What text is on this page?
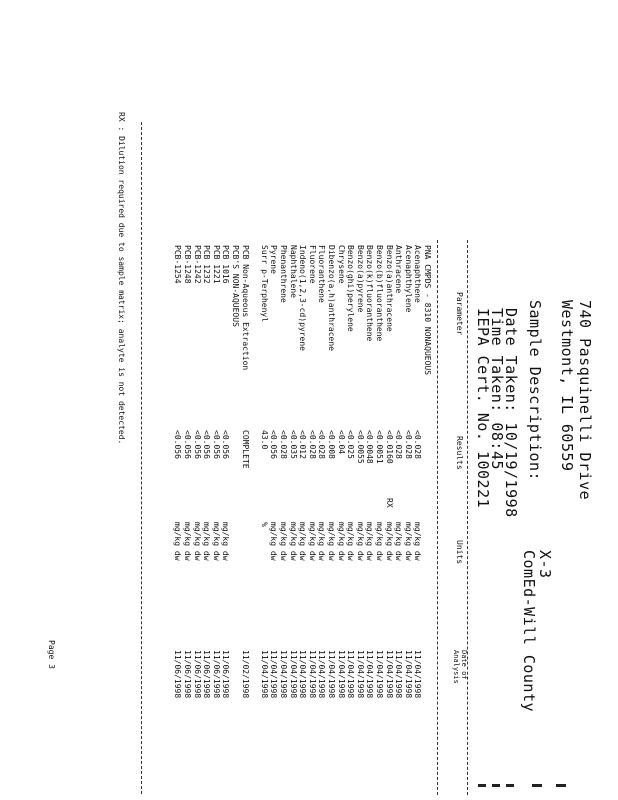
740 Pasquinelli Drive
Westmont, IL 60559
Sample Description:
X-3
ComEd-Will County
Date Taken: 10/19/1998
Time Taken: 08:45
IEPA Cert. No. 100221
Parameter
Results
Units
Date of
Analysis
PNA CMPDS - 8310 NONAQUEOUS
Acenaphthene
<0.028
mg/kg dw
11/04/1998
Acenaphthylene
<0.028
mg/kg dw
11/04/1998
Anthracene
<0.028
mg/kg dw
11/04/1998
Benzo(a)anthracene
<0.0160
RX
mg/kg dw
11/04/1998
Benzo(b)fluoranthene
<0.0051
mg/kg dw
11/04/1998
Benzo(k)fluoranthene
<0.0048
mg/kg dw
11/04/1998
Benzo(a)pyrene
<0.0055
mg/kg dw
11/04/1998
Benzo(ghi)perylene
<0.025
mg/kg dw
11/04/1998
Chrysene
<0.04
mg/kg dw
11/04/1998
Dibenzo(a,h)anthracene
<0.008
mg/kg dw
11/04/1998
Fluoranthene
<0.028
mg/kg dw
11/04/1998
Fluorene
<0.028
mg/kg dw
11/04/1998
Indeno(1,2,3-cd)pyrene
<0.012
mg/kg dw
11/04/1998
Naphthalene
<0.035
mg/kg dw
11/04/1998
Phenanthrene
<0.028
mg/kg dw
11/04/1998
Pyrene
<0.056
mg/kg dw
11/04/1998
Surr p-Terphenyl
43.0
%
11/04/1998
PCB Non-Aqueous Extraction
COMPLETE
11/02/1998
PCB'S NON-AQUEOUS
PCB 1016
<0.056
mg/kg dw
11/06/1998
PCB 1221
<0.056
mg/kg dw
11/06/1998
PCB 1232
<0.056
mg/kg dw
11/06/1998
PCB-1242
<0.056
mg/kg dw
11/06/1998
PCB-1248
<0.056
mg/kg dw
11/06/1998
PCB-1254
<0.056
mg/kg dw
11/06/1998
RX : Dilution required due to sample matrix; analyte is not detected.
Page 3
